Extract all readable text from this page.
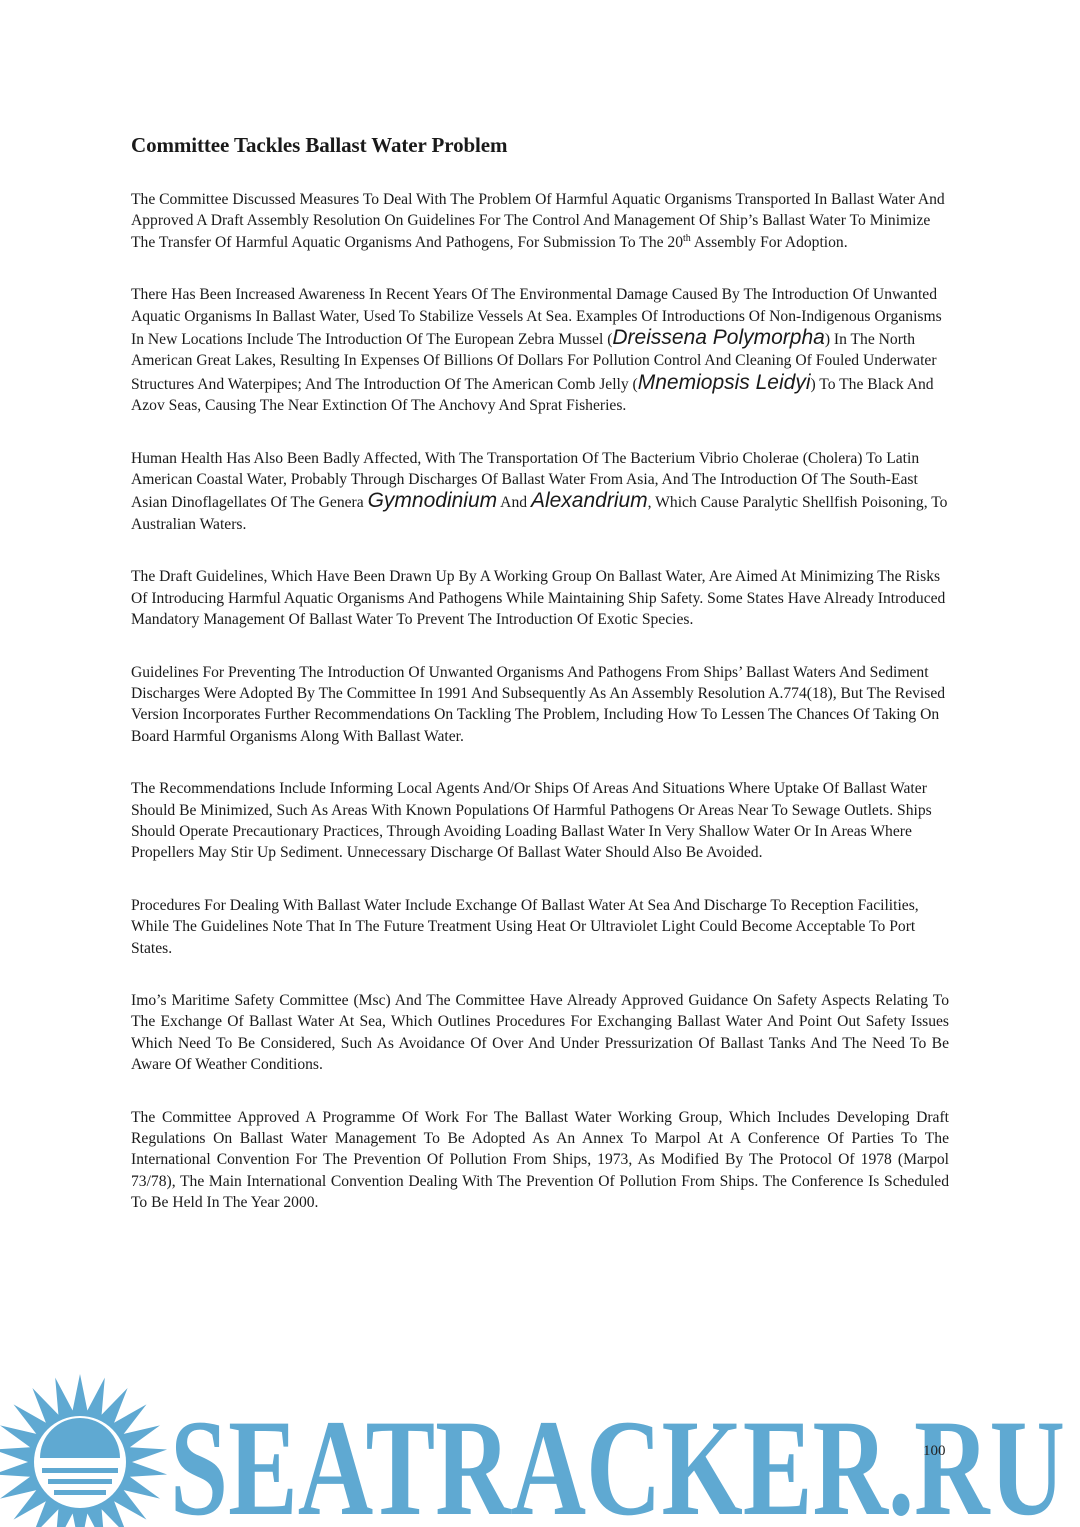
Committee Tackles Ballast Water Problem

The Committee Discussed Measures To Deal With The Problem Of Harmful Aquatic Organisms Transported In Ballast Water And Approved A Draft Assembly Resolution On Guidelines For The Control And Management Of Ship’s Ballast Water To Minimize The Transfer Of Harmful Aquatic Organisms And Pathogens, For Submission To The 20th Assembly For Adoption.

There Has Been Increased Awareness In Recent Years Of The Environmental Damage Caused By The Introduction Of Unwanted Aquatic Organisms In Ballast Water, Used To Stabilize Vessels At Sea. Examples Of Introductions Of Non-Indigenous Organisms In New Locations Include The Introduction Of The European Zebra Mussel (Dreissena Polymorpha) In The North American Great Lakes, Resulting In Expenses Of Billions Of Dollars For Pollution Control And Cleaning Of Fouled Underwater Structures And Waterpipes; And The Introduction Of The American Comb Jelly (Mnemiopsis Leidyi) To The Black And Azov Seas, Causing The Near Extinction Of The Anchovy And Sprat Fisheries.

Human Health Has Also Been Badly Affected, With The Transportation Of The Bacterium Vibrio Cholerae (Cholera) To Latin American Coastal Water, Probably Through Discharges Of Ballast Water From Asia, And The Introduction Of The South-East Asian Dinoflagellates Of The Genera Gymnodinium And Alexandrium, Which Cause Paralytic Shellfish Poisoning, To Australian Waters.

The Draft Guidelines, Which Have Been Drawn Up By A Working Group On Ballast Water, Are Aimed At Minimizing The Risks Of Introducing Harmful Aquatic Organisms And Pathogens While Maintaining Ship Safety. Some States Have Already Introduced Mandatory Management Of Ballast Water To Prevent The Introduction Of Exotic Species.

Guidelines For Preventing The Introduction Of Unwanted Organisms And Pathogens From Ships’ Ballast Waters And Sediment Discharges Were Adopted By The Committee In 1991 And Subsequently As An Assembly Resolution A.774(18), But The Revised Version Incorporates Further Recommendations On Tackling The Problem, Including How To Lessen The Chances Of Taking On Board Harmful Organisms Along With Ballast Water.

The Recommendations Include Informing Local Agents And/Or Ships Of Areas And Situations Where Uptake Of Ballast Water Should Be Minimized, Such As Areas With Known Populations Of Harmful Pathogens Or Areas Near To Sewage Outlets. Ships Should Operate Precautionary Practices, Through Avoiding Loading Ballast Water In Very Shallow Water Or In Areas Where Propellers May Stir Up Sediment. Unnecessary Discharge Of Ballast Water Should Also Be Avoided.

Procedures For Dealing With Ballast Water Include Exchange Of Ballast Water At Sea And Discharge To Reception Facilities, While The Guidelines Note That In The Future Treatment Using Heat Or Ultraviolet Light Could Become Acceptable To Port States.

Imo’s Maritime Safety Committee (Msc) And The Committee Have Already Approved Guidance On Safety Aspects Relating To The Exchange Of Ballast Water At Sea, Which Outlines Procedures For Exchanging Ballast Water And Point Out Safety Issues Which Need To Be Considered, Such As Avoidance Of Over And Under Pressurization Of Ballast Tanks And The Need To Be Aware Of Weather Conditions.

The Committee Approved A Programme Of Work For The Ballast Water Working Group, Which Includes Developing Draft Regulations On Ballast Water Management To Be Adopted As An Annex To Marpol At A Conference Of Parties To The International Convention For The Prevention Of Pollution From Ships, 1973, As Modified By The Protocol Of 1978 (Marpol 73/78), The Main International Convention Dealing With The Prevention Of Pollution From Ships. The Conference Is Scheduled To Be Held In The Year 2000.

SEATRACKER.RU
100
